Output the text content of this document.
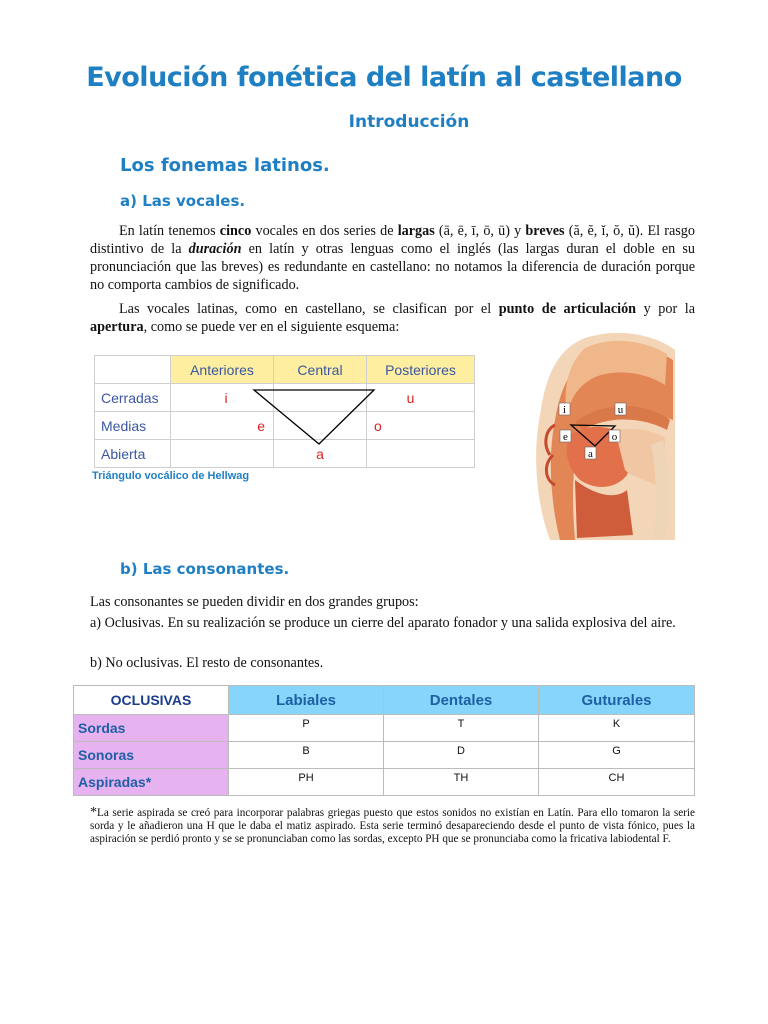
Evolución fonética del latín al castellano
Introducción
Los fonemas latinos.
a) Las vocales.
En latín tenemos cinco vocales en dos series de largas (ā, ē, ī, ō, ū) y breves (ă, ĕ, ĭ, ŏ, ŭ). El rasgo distintivo de la duración en latín y otras lenguas como el inglés (las largas duran el doble en su pronunciación que las breves) es redundante en castellano: no notamos la diferencia de duración porque no comporta cambios de significado.
Las vocales latinas, como en castellano, se clasifican por el punto de articulación y por la apertura, como se puede ver en el siguiente esquema:
	Anteriores	Central	Posteriores
Cerradas	i		u
Medias	e		o
Abierta		a	
Triángulo vocálico de Hellwag
i	u
e	o
a
b) Las consonantes.
Las consonantes se pueden dividir en dos grandes grupos:
a) Oclusivas. En su realización se produce un cierre del aparato fonador y una salida explosiva del aire.
b) No oclusivas. El resto de consonantes.
OCLUSIVAS	Labiales	Dentales	Guturales
Sordas	P	T	K
Sonoras	B	D	G
Aspiradas*	PH	TH	CH
*La serie aspirada se creó para incorporar palabras griegas puesto que estos sonidos no existían en Latín. Para ello tomaron la serie sorda y le añadieron una H que le daba el matiz aspirado. Esta serie terminó desapareciendo desde el punto de vista fónico, pues la aspiración se perdió pronto y se se pronunciaban como las sordas, excepto PH que se pronunciaba como la fricativa labiodental F.
